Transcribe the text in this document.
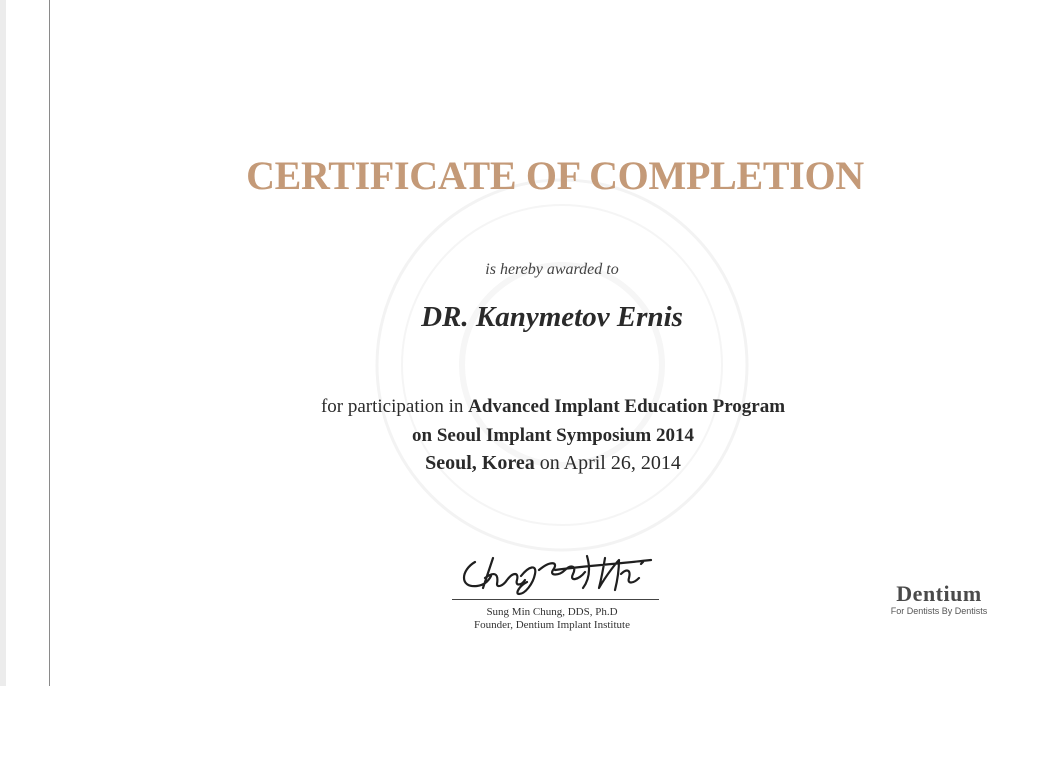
CERTIFICATE OF COMPLETION
is hereby awarded to
DR. Kanymetov Ernis
for participation in Advanced Implant Education Program
on Seoul Implant Symposium 2014
Seoul, Korea on April 26, 2014
Sung Min Chung, DDS, Ph.D
Founder, Dentium Implant Institute
Dentium
For Dentists By Dentists
